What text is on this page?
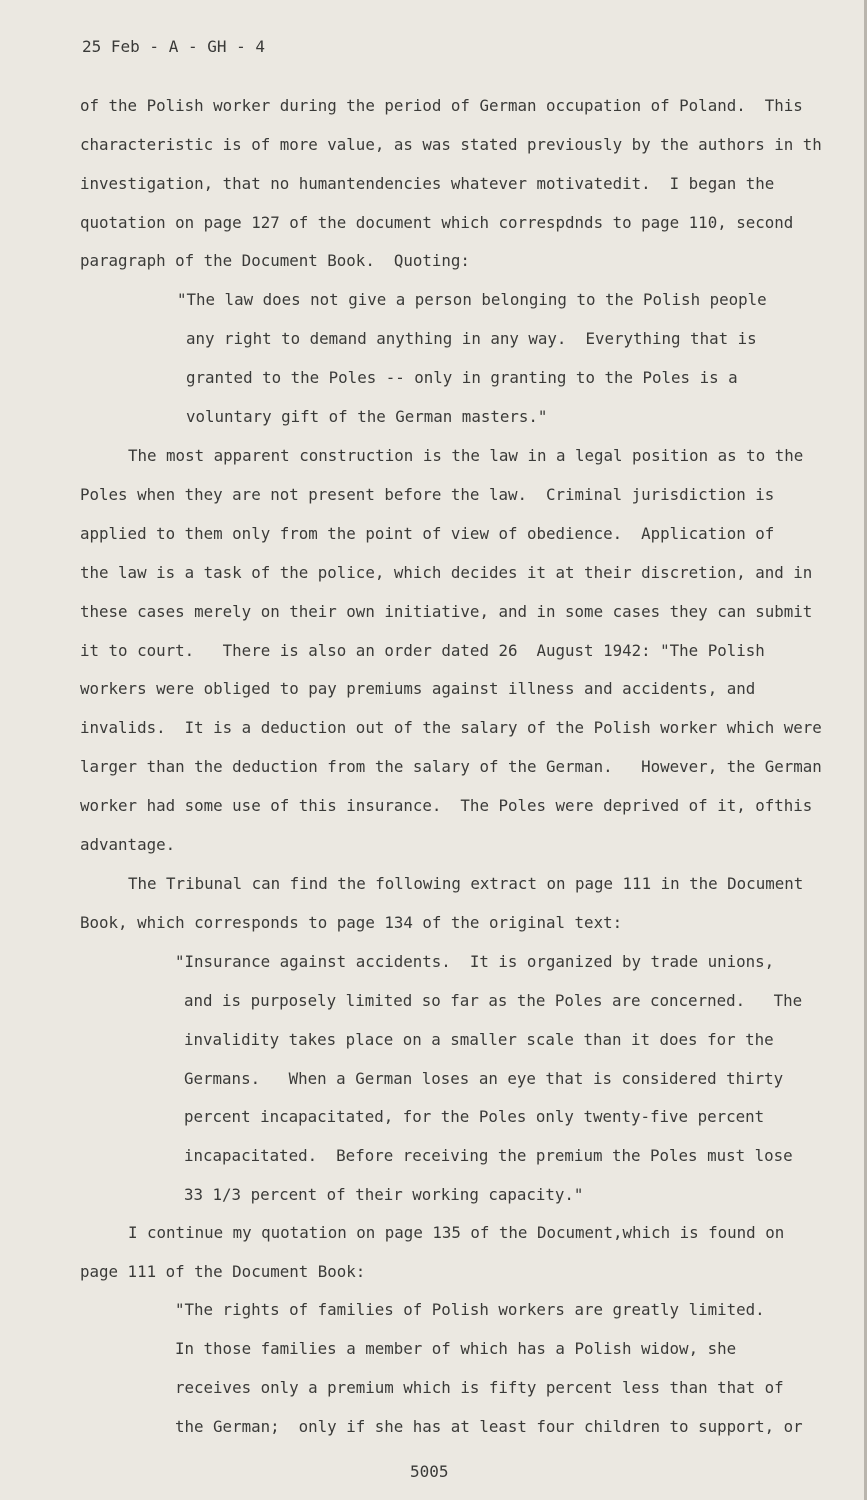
25 Feb - A - GH - 4
of the Polish worker during the period of German occupation of Poland.  This
characteristic is of more value, as was stated previously by the authors in th
investigation, that no humantendencies whatever motivatedit.  I began the
quotation on page 127 of the document which correspdnds to page 110, second
paragraph of the Document Book.  Quoting:
"The law does not give a person belonging to the Polish people
any right to demand anything in any way.  Everything that is
granted to the Poles -- only in granting to the Poles is a
voluntary gift of the German masters."
The most apparent construction is the law in a legal position as to the
Poles when they are not present before the law.  Criminal jurisdiction is
applied to them only from the point of view of obedience.  Application of
the law is a task of the police, which decides it at their discretion, and in
these cases merely on their own initiative, and in some cases they can submit
it to court.   There is also an order dated 26  August 1942: "The Polish
workers were obliged to pay premiums against illness and accidents, and
invalids.  It is a deduction out of the salary of the Polish worker which were
larger than the deduction from the salary of the German.   However, the German
worker had some use of this insurance.  The Poles were deprived of it, ofthis
advantage.
The Tribunal can find the following extract on page 111 in the Document
Book, which corresponds to page 134 of the original text:
"Insurance against accidents.  It is organized by trade unions,
and is purposely limited so far as the Poles are concerned.   The
invalidity takes place on a smaller scale than it does for the
Germans.   When a German loses an eye that is considered thirty
percent incapacitated, for the Poles only twenty-five percent
incapacitated.  Before receiving the premium the Poles must lose
33 1/3 percent of their working capacity."
I continue my quotation on page 135 of the Document,which is found on
page 111 of the Document Book:
"The rights of families of Polish workers are greatly limited.
In those families a member of which has a Polish widow, she
receives only a premium which is fifty percent less than that of
the German;  only if she has at least four children to support, or
5005
